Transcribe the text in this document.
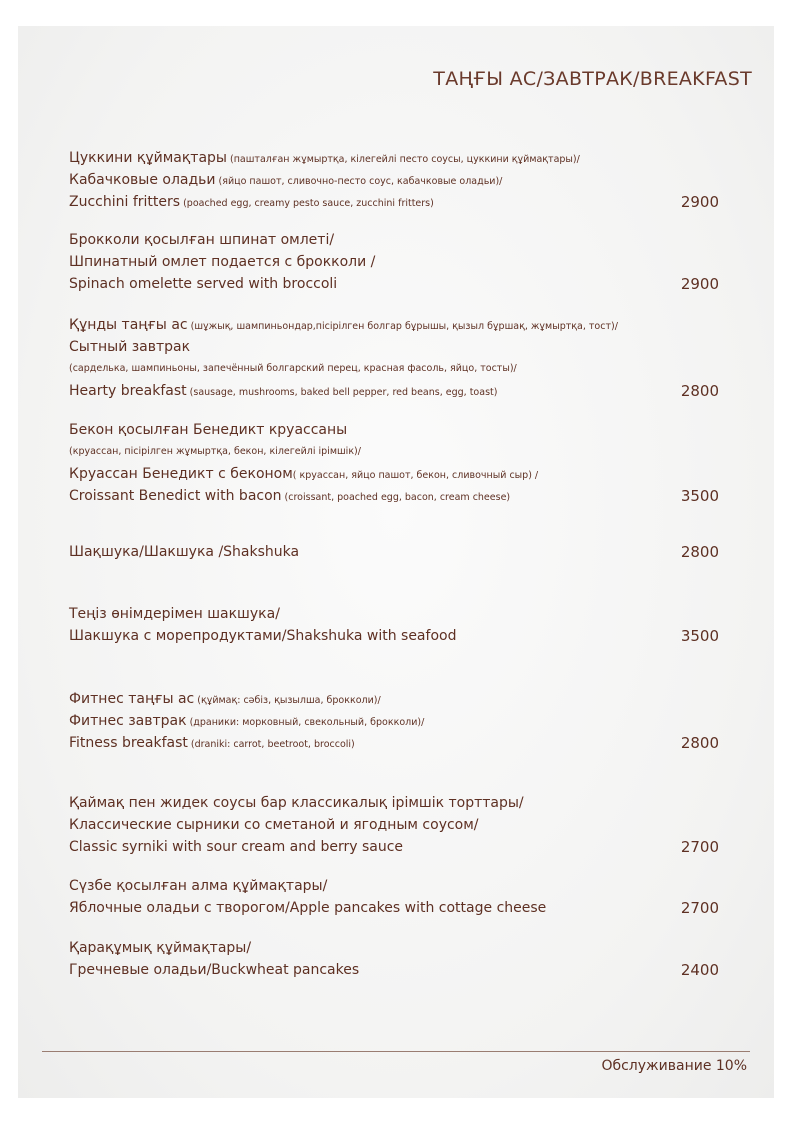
ТАҢҒЫ АС/ЗАВТРАК/BREAKFAST
Цуккини құймақтары (пашталған жұмыртқа, кілегейлі песто соусы, цуккини құймақтары)/
Кабачковые оладьи (яйцо пашот, сливочно-песто соус, кабачковые оладьи)/
Zucchini fritters (poached egg, creamy pesto sauce, zucchini fritters)	2900
Брокколи қосылған шпинат омлеті/
Шпинатный омлет подается с брокколи /
Spinach omelette served with broccoli	2900
Құнды таңғы ас (шұжық, шампиньондар,пісірілген болгар бұрышы, қызыл бұршақ, жұмыртқа, тост)/
Сытный завтрак
(сарделька, шампиньоны, запечённый болгарский перец, красная фасоль, яйцо, тосты)/
Hearty breakfast (sausage, mushrooms, baked bell pepper, red beans, egg, toast)	2800
Бекон қосылған Бенедикт круассаны
(круассан, пісірілген жұмыртқа, бекон, кілегейлі ірімшік)/
Круассан Бенедикт с беконом( круассан, яйцо пашот, бекон, сливочный сыр) /
Croissant Benedict with bacon (croissant, poached egg, bacon, cream cheese)	3500
Шақшука/Шакшука /Shakshuka	2800
Теңіз өнімдерімен шакшука/
Шакшука с морепродуктами/Shakshuka with seafood	3500
Фитнес таңғы ас (құймақ: сәбіз, қызылша, брокколи)/
Фитнес завтрак (драники: морковный, свекольный, брокколи)/
Fitness breakfast (draniki: carrot, beetroot, broccoli)	2800
Қаймақ пен жидек соусы бар классикалық ірімшік торттары/
Классические сырники со сметаной и ягодным соусом/
Classic syrniki with sour cream and berry sauce	2700
Сүзбе қосылған алма құймақтары/
Яблочные оладьи с творогом/Apple pancakes with cottage cheese	2700
Қарақұмық құймақтары/
Гречневые оладьи/Buckwheat pancakes	2400
Обслуживание 10%
